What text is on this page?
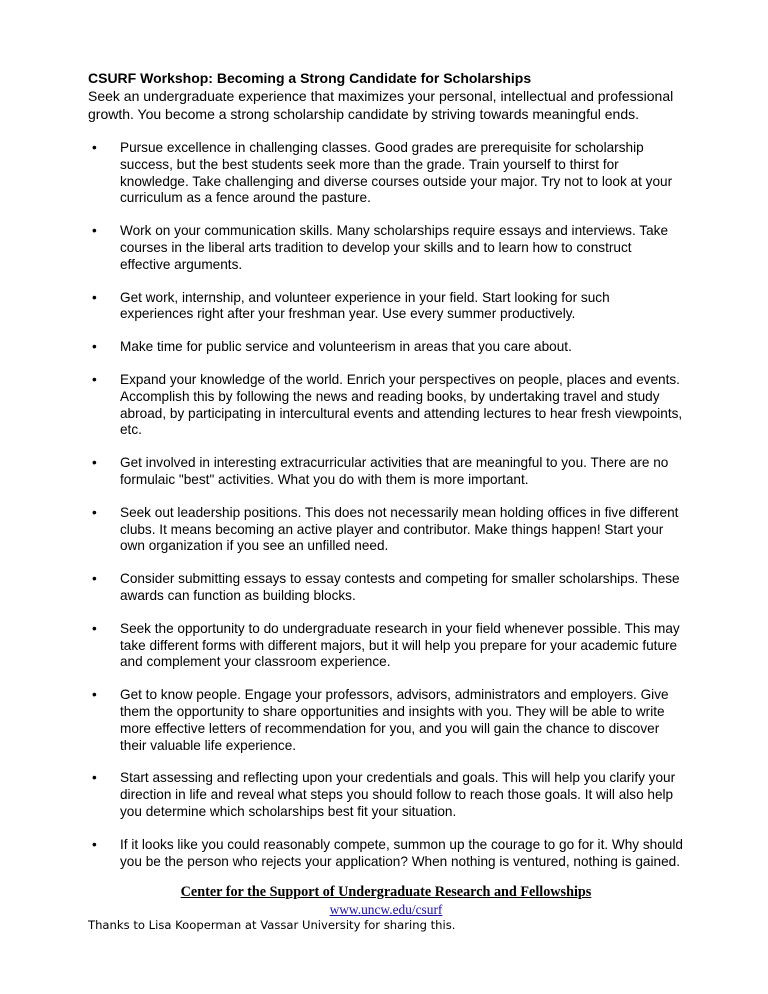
CSURF Workshop: Becoming a Strong Candidate for Scholarships

Seek an undergraduate experience that maximizes your personal, intellectual and professional growth. You become a strong scholarship candidate by striving towards meaningful ends.

•	Pursue excellence in challenging classes. Good grades are prerequisite for scholarship success, but the best students seek more than the grade. Train yourself to thirst for knowledge. Take challenging and diverse courses outside your major. Try not to look at your curriculum as a fence around the pasture.
•	Work on your communication skills. Many scholarships require essays and interviews. Take courses in the liberal arts tradition to develop your skills and to learn how to construct effective arguments.
•	Get work, internship, and volunteer experience in your field. Start looking for such experiences right after your freshman year. Use every summer productively.
•	Make time for public service and volunteerism in areas that you care about.
•	Expand your knowledge of the world. Enrich your perspectives on people, places and events. Accomplish this by following the news and reading books, by undertaking travel and study abroad, by participating in intercultural events and attending lectures to hear fresh viewpoints, etc.
•	Get involved in interesting extracurricular activities that are meaningful to you. There are no formulaic "best" activities. What you do with them is more important.
•	Seek out leadership positions. This does not necessarily mean holding offices in five different clubs. It means becoming an active player and contributor. Make things happen! Start your own organization if you see an unfilled need.
•	Consider submitting essays to essay contests and competing for smaller scholarships. These awards can function as building blocks.
•	Seek the opportunity to do undergraduate research in your field whenever possible. This may take different forms with different majors, but it will help you prepare for your academic future and complement your classroom experience.
•	Get to know people. Engage your professors, advisors, administrators and employers. Give them the opportunity to share opportunities and insights with you. They will be able to write more effective letters of recommendation for you, and you will gain the chance to discover their valuable life experience.
•	Start assessing and reflecting upon your credentials and goals. This will help you clarify your direction in life and reveal what steps you should follow to reach those goals. It will also help you determine which scholarships best fit your situation.
•	If it looks like you could reasonably compete, summon up the courage to go for it. Why should you be the person who rejects your application? When nothing is ventured, nothing is gained.
Center for the Support of Undergraduate Research and Fellowships
www.uncw.edu/csurf
Thanks to Lisa Kooperman at Vassar University for sharing this.
